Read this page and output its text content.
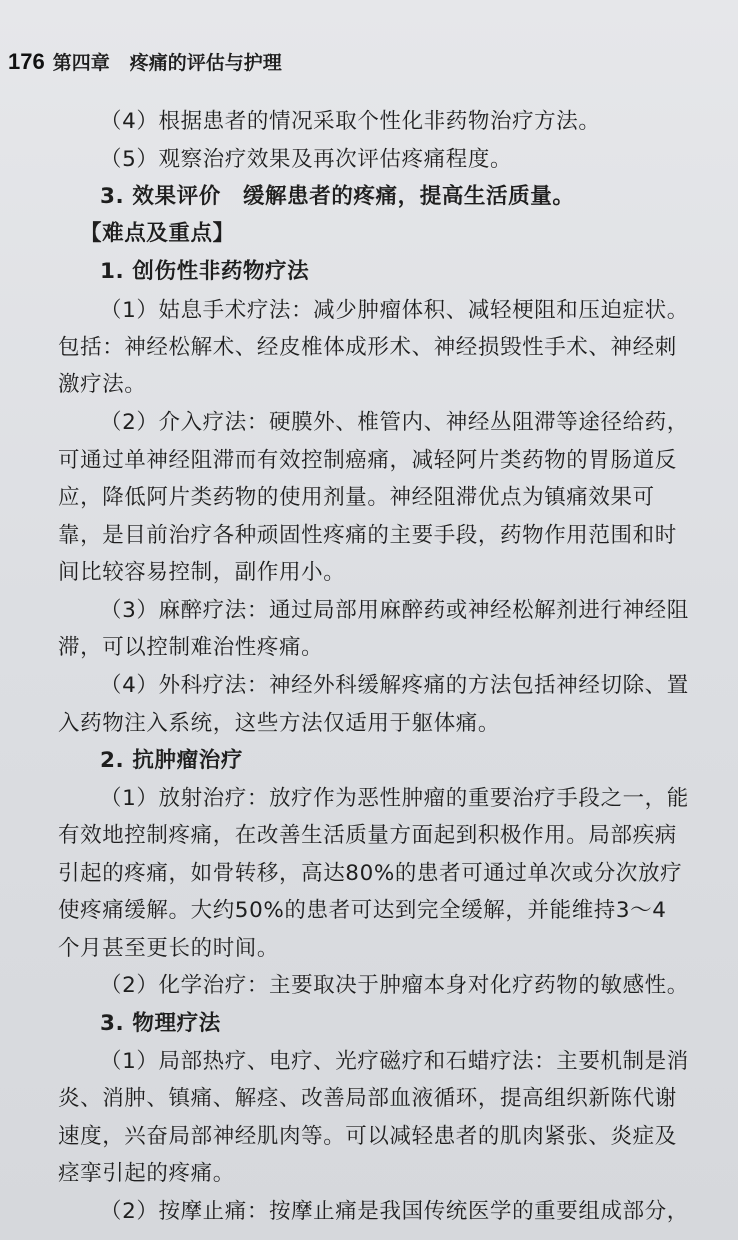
176 第四章 疼痛的评估与护理
（4）根据患者的情况采取个性化非药物治疗方法。
（5）观察治疗效果及再次评估疼痛程度。
3. 效果评价　缓解患者的疼痛，提高生活质量。
【难点及重点】
1. 创伤性非药物疗法
（1）姑息手术疗法：减少肿瘤体积、减轻梗阻和压迫症状。
包括：神经松解术、经皮椎体成形术、神经损毁性手术、神经刺
激疗法。
（2）介入疗法：硬膜外、椎管内、神经丛阻滞等途径给药，
可通过单神经阻滞而有效控制癌痛，减轻阿片类药物的胃肠道反
应，降低阿片类药物的使用剂量。神经阻滞优点为镇痛效果可
靠，是目前治疗各种顽固性疼痛的主要手段，药物作用范围和时
间比较容易控制，副作用小。
（3）麻醉疗法：通过局部用麻醉药或神经松解剂进行神经阻
滞，可以控制难治性疼痛。
（4）外科疗法：神经外科缓解疼痛的方法包括神经切除、置
入药物注入系统，这些方法仅适用于躯体痛。
2. 抗肿瘤治疗
（1）放射治疗：放疗作为恶性肿瘤的重要治疗手段之一，能
有效地控制疼痛，在改善生活质量方面起到积极作用。局部疾病
引起的疼痛，如骨转移，高达80%的患者可通过单次或分次放疗
使疼痛缓解。大约50%的患者可达到完全缓解，并能维持3～4
个月甚至更长的时间。
（2）化学治疗：主要取决于肿瘤本身对化疗药物的敏感性。
3. 物理疗法
（1）局部热疗、电疗、光疗磁疗和石蜡疗法：主要机制是消
炎、消肿、镇痛、解痉、改善局部血液循环，提高组织新陈代谢
速度，兴奋局部神经肌肉等。可以减轻患者的肌肉紧张、炎症及
痉挛引起的疼痛。
（2）按摩止痛：按摩止痛是我国传统医学的重要组成部分，
